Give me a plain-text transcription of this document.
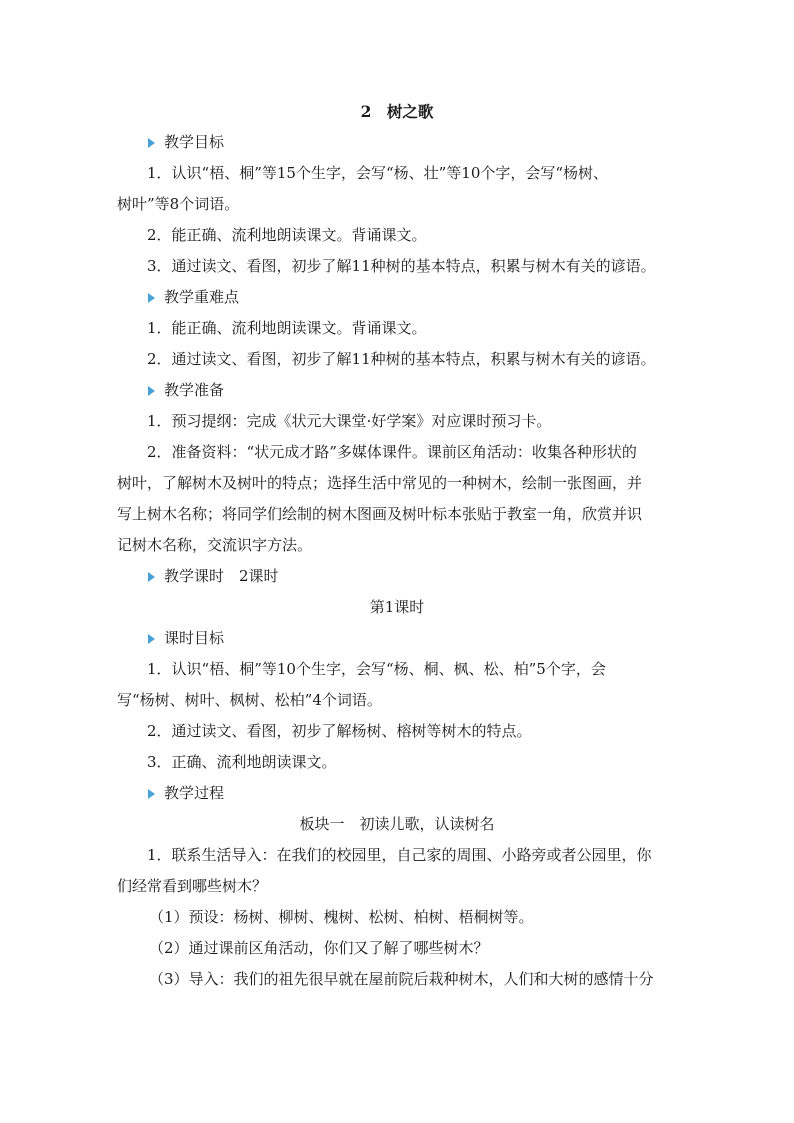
2　树之歌
教学目标
1．认识“梧、桐”等15个生字，会写“杨、壮”等10个字，会写“杨树、
树叶”等8个词语。
2．能正确、流利地朗读课文。背诵课文。
3．通过读文、看图，初步了解11种树的基本特点，积累与树木有关的谚语。
教学重难点
1．能正确、流利地朗读课文。背诵课文。
2．通过读文、看图，初步了解11种树的基本特点，积累与树木有关的谚语。
教学准备
1．预习提纲：完成《状元大课堂·好学案》对应课时预习卡。
2．准备资料：“状元成才路”多媒体课件。课前区角活动：收集各种形状的
树叶，了解树木及树叶的特点；选择生活中常见的一种树木，绘制一张图画，并
写上树木名称；将同学们绘制的树木图画及树叶标本张贴于教室一角，欣赏并识
记树木名称，交流识字方法。
教学课时　2课时
第1课时
课时目标
1．认识“梧、桐”等10个生字，会写“杨、桐、枫、松、柏”5个字，会
写“杨树、树叶、枫树、松柏”4个词语。
2．通过读文、看图，初步了解杨树、榕树等树木的特点。
3．正确、流利地朗读课文。
教学过程
板块一　初读儿歌，认读树名
1．联系生活导入：在我们的校园里，自己家的周围、小路旁或者公园里，你
们经常看到哪些树木？
（1）预设：杨树、柳树、槐树、松树、柏树、梧桐树等。
（2）通过课前区角活动，你们又了解了哪些树木？
（3）导入：我们的祖先很早就在屋前院后栽种树木，人们和大树的感情十分
